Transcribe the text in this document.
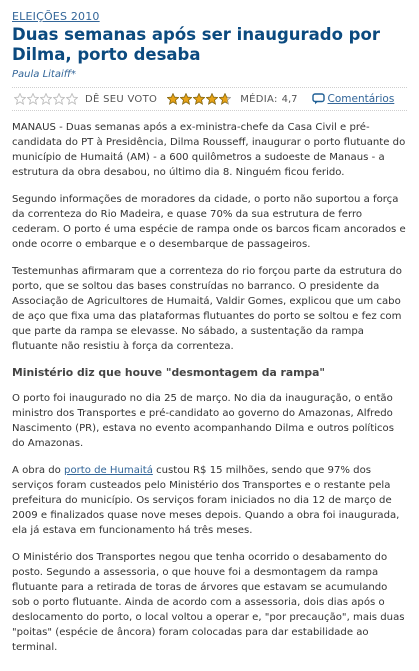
ELEIÇÕES 2010
Duas semanas após ser inaugurado por Dilma, porto desaba
Paula Litaiff*
DÊ SEU VOTO	MÉDIA: 4,7	Comentários

MANAUS - Duas semanas após a ex-ministra-chefe da Casa Civil e pré-candidata do PT à Presidência, Dilma Rousseff, inaugurar o porto flutuante do município de Humaitá (AM) - a 600 quilômetros a sudoeste de Manaus - a estrutura da obra desabou, no último dia 8. Ninguém ficou ferido.

Segundo informações de moradores da cidade, o porto não suportou a força da correnteza do Rio Madeira, e quase 70% da sua estrutura de ferro cederam. O porto é uma espécie de rampa onde os barcos ficam ancorados e onde ocorre o embarque e o desembarque de passageiros.

Testemunhas afirmaram que a correnteza do rio forçou parte da estrutura do porto, que se soltou das bases construídas no barranco. O presidente da Associação de Agricultores de Humaitá, Valdir Gomes, explicou que um cabo de aço que fixa uma das plataformas flutuantes do porto se soltou e fez com que parte da rampa se elevasse. No sábado, a sustentação da rampa flutuante não resistiu à força da correnteza.

Ministério diz que houve "desmontagem da rampa"

O porto foi inaugurado no dia 25 de março. No dia da inauguração, o então ministro dos Transportes e pré-candidato ao governo do Amazonas, Alfredo Nascimento (PR), estava no evento acompanhando Dilma e outros políticos do Amazonas.

A obra do porto de Humaitá custou R$ 15 milhões, sendo que 97% dos serviços foram custeados pelo Ministério dos Transportes e o restante pela prefeitura do município. Os serviços foram iniciados no dia 12 de março de 2009 e finalizados quase nove meses depois. Quando a obra foi inaugurada, ela já estava em funcionamento há três meses.

O Ministério dos Transportes negou que tenha ocorrido o desabamento do posto. Segundo a assessoria, o que houve foi a desmontagem da rampa flutuante para a retirada de toras de árvores que estavam se acumulando sob o porto flutuante. Ainda de acordo com a assessoria, dois dias após o deslocamento do porto, o local voltou a operar e, "por precaução", mais duas "poitas" (espécie de âncora) foram colocadas para dar estabilidade ao terminal.
